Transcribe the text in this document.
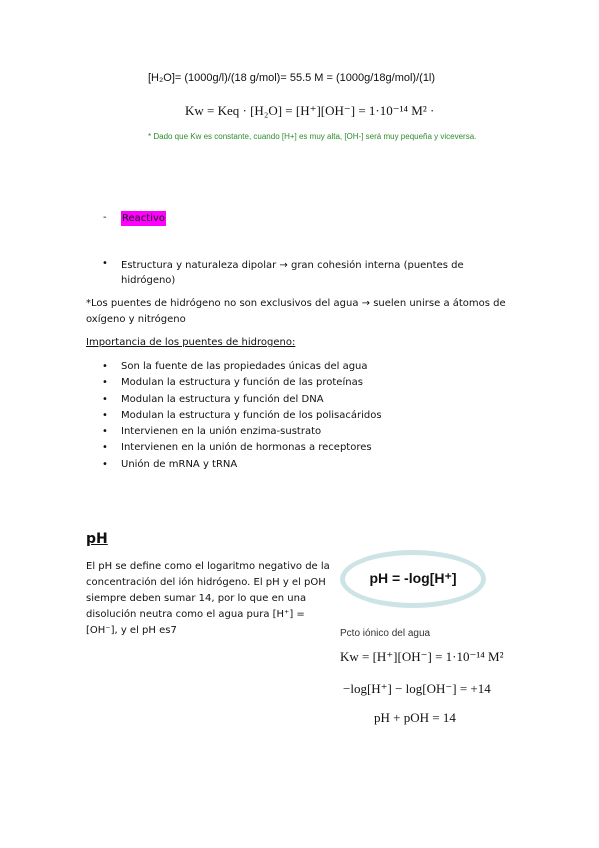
[H₂O]= (1000g/l)/(18 g/mol)= 55.5 M = (1000g/18g/mol)/(1l)
Kw = Keq · [H₂O] = [H⁺][OH⁻] = 1·10⁻¹⁴ M² ·
* Dado que Kw es constante, cuando [H+] es muy alta, [OH-] será muy pequeña y viceversa.
- Reactivo
• Estructura y naturaleza dipolar → gran cohesión interna (puentes de hidrógeno)
*Los puentes de hidrógeno no son exclusivos del agua → suelen unirse a átomos de oxígeno y nitrógeno
Importancia de los puentes de hidrogeno:
• Son la fuente de las propiedades únicas del agua
• Modulan la estructura y función de las proteínas
• Modulan la estructura y función del DNA
• Modulan la estructura y función de los polisacáridos
• Intervienen en la unión enzima-sustrato
• Intervienen en la unión de hormonas a receptores
• Unión de mRNA y tRNA
pH
El pH se define como el logaritmo negativo de la concentración del ión hidrógeno. El pH y el pOH siempre deben sumar 14, por lo que en una disolución neutra como el agua pura [H⁺] = [OH⁻], y el pH es7
pH = -log[H⁺]
Pcto iónico del agua
Kw = [H⁺][OH⁻] = 1·10⁻¹⁴ M²
−log[H⁺] − log[OH⁻] = +14
pH + pOH = 14
